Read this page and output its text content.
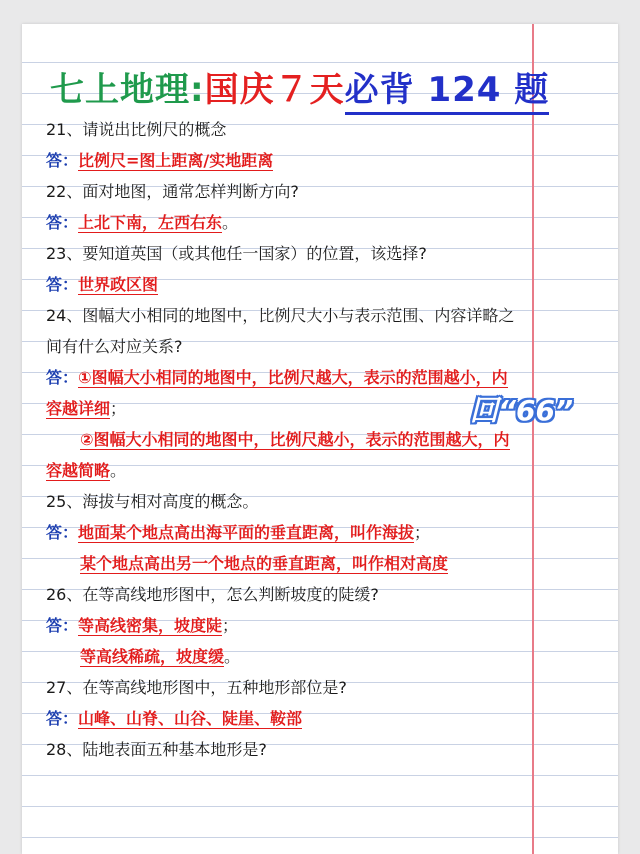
七上地理:国庆７天必背 124 题
21、请说出比例尺的概念
答：比例尺=图上距离/实地距离
22、面对地图，通常怎样判断方向?
答：上北下南，左西右东。
23、要知道英国（或其他任一国家）的位置，该选择?
答：世界政区图
24、图幅大小相同的地图中，比例尺大小与表示范围、内容详略之
间有什么对应关系?
答：①图幅大小相同的地图中，比例尺越大，表示的范围越小，内
容越详细；
②图幅大小相同的地图中，比例尺越小，表示的范围越大，内
容越简略。
25、海拔与相对高度的概念。
答：地面某个地点高出海平面的垂直距离，叫作海拔；
某个地点高出另一个地点的垂直距离，叫作相对高度
26、在等高线地形图中，怎么判断坡度的陡缓?
答：等高线密集，坡度陡；
等高线稀疏，坡度缓。
27、在等高线地形图中，五种地形部位是?
答：山峰、山脊、山谷、陡崖、鞍部
28、陆地表面五种基本地形是?
回“66”
